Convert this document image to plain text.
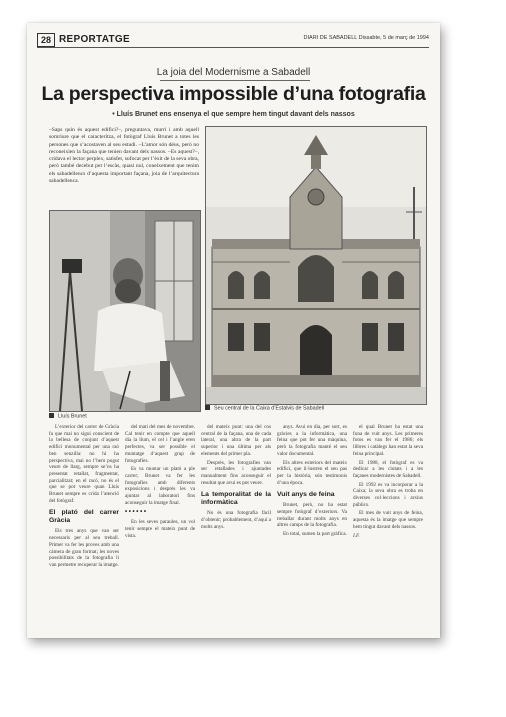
28 REPORTATGE	DIARI DE SABADELL Dissabte, 5 de març de 1994
La joia del Modernisme a Sabadell
La perspectiva impossible d’una fotografia
• Lluís Brunet ens ensenya el que sempre hem tingut davant dels nassos
–Saps quin és aquest edifici?–, preguntava, murri i amb aquell somriure que el caracteritza, el fotògraf Lluís Brunet a totes les persones que s’acostaven al seu estudi. –L’amor són déus, però no reconeixien la façana que tenien davant dels nassos. –Es aquest?–, cridava el lector perplex, satisfet, sufocat per l’èxit de la seva obra, però també decebut per l’escàs, quasi nul, coneixement que tenim els sabadellencs d’aquesta important façana, joia de l’arquitectura sabadellenca.
Lluís Brunet
Seu central de la Caixa d’Estalvis de Sabadell

L’exterior del carrer de Gràcia fa que mai no sigui conscient de la bellesa de conjunt d’aquest edifici monumental per una raó ben senzilla: no hi ha perspectiva, mai no l’hem pogut veure de llarg, sempre se’ns ha presentat retallat, fragmentat, parcialitzat; en el racó, no és el que se pot veure quan Lluís Brunet sempre es crida l’atenció del fotògraf.

El plató del carrer Gràcia

Els tres anys que van ser necessaris per al seu treball. Primer va fer les proves amb una càmera de gran format; les noves possibilitats de la fotografia li van permetre recuperar la imatge.

del mati del mes de novembre. Cal tenir en compte que aquell dia la llum, el cel i l’angle eren perfectes, va ser possible el muntatge d’aquest grup de fotografies.

Es va muntar un plató a ple carrer; Brunet va fer les fotografies amb diferents exposicions i després les va ajuntar al laboratori fins aconseguir la imatge final.

• • • • • •

En les seves paraules, un vol tenir sempre el mateix punt de vista.

del mateix punt: una del cos central de la façana, una de cada lateral, una altra de la part superior i una última per als elements del primer pla.

Després, les fotografies van ser retallades i ajuntades manualment fins aconseguir el resultat que avui es pot veure.

La temporalitat de la informàtica

No és una fotografia fàcil d’obtenir; probablement, d’aquí a molts anys.

anys. Avui en dia, per sort, es gràcies a la informàtica, una feina que pot fer una màquina, però la fotografia manté el seu valor documental.

Els altres exteriors del mateix edifici, que il·lustren el seu pas per la història, són testimonis d’una època.

Vuit anys de feina

Brunet, però, no ha estat sempre fotògraf d’exteriors. Va treballar durant molts anys en altres camps de la fotografia.

En total, sumen la part gràfica.

el qual Brunet ha estat una fona de vuit anys. Les primeres fotos es van fer el 1986; els llibres i catàlegs han estat la seva feina principal.

El 1988, el fotògraf es va dedicar a les ciutats i a les façanes modernistes de Sabadell.

El 1992 es va incorporar a la Caixa; la seva obra es troba en diverses col·leccions i arxius públics.

El mes de vuit anys de feina, aquesta és la imatge que sempre hem tingut davant dels nassos.

I.F.
